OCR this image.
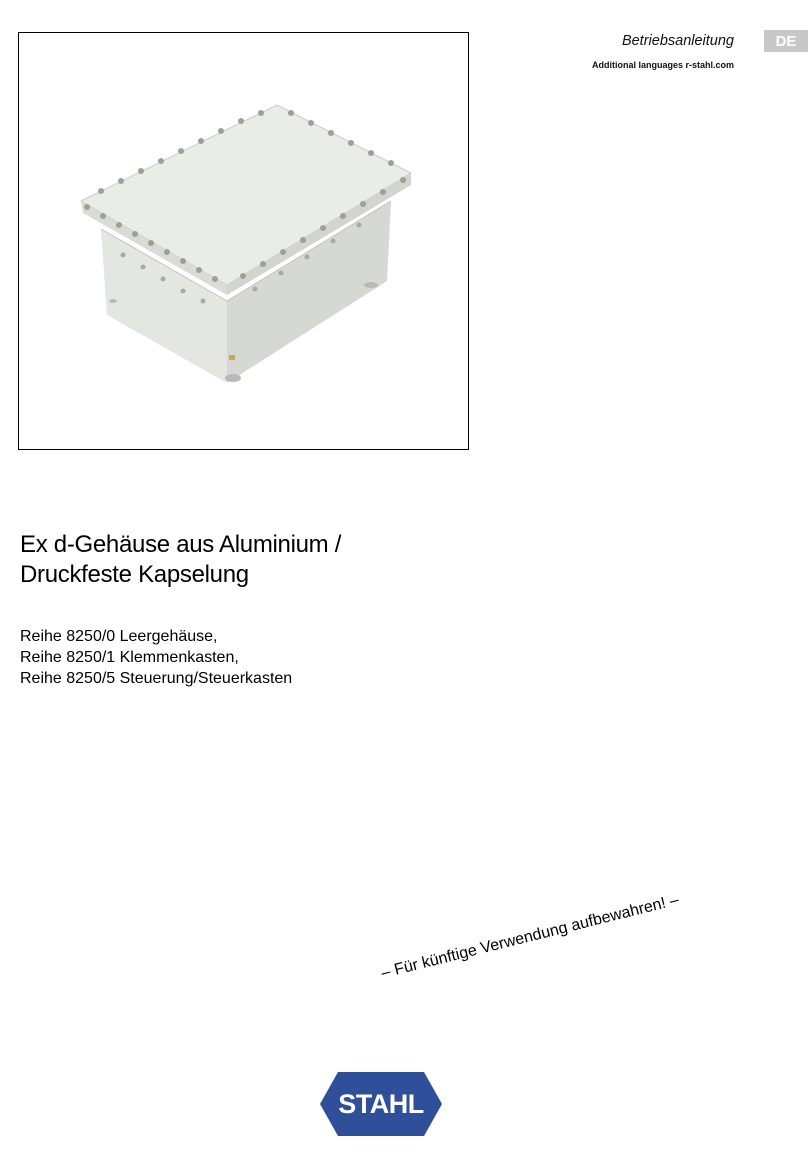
Betriebsanleitung	DE
Additional languages r-stahl.com
Ex d-Gehäuse aus Aluminium /
Druckfeste Kapselung
Reihe 8250/0 Leergehäuse,
Reihe 8250/1 Klemmenkasten,
Reihe 8250/5 Steuerung/Steuerkasten
– Für künftige Verwendung aufbewahren! –
STAHL
